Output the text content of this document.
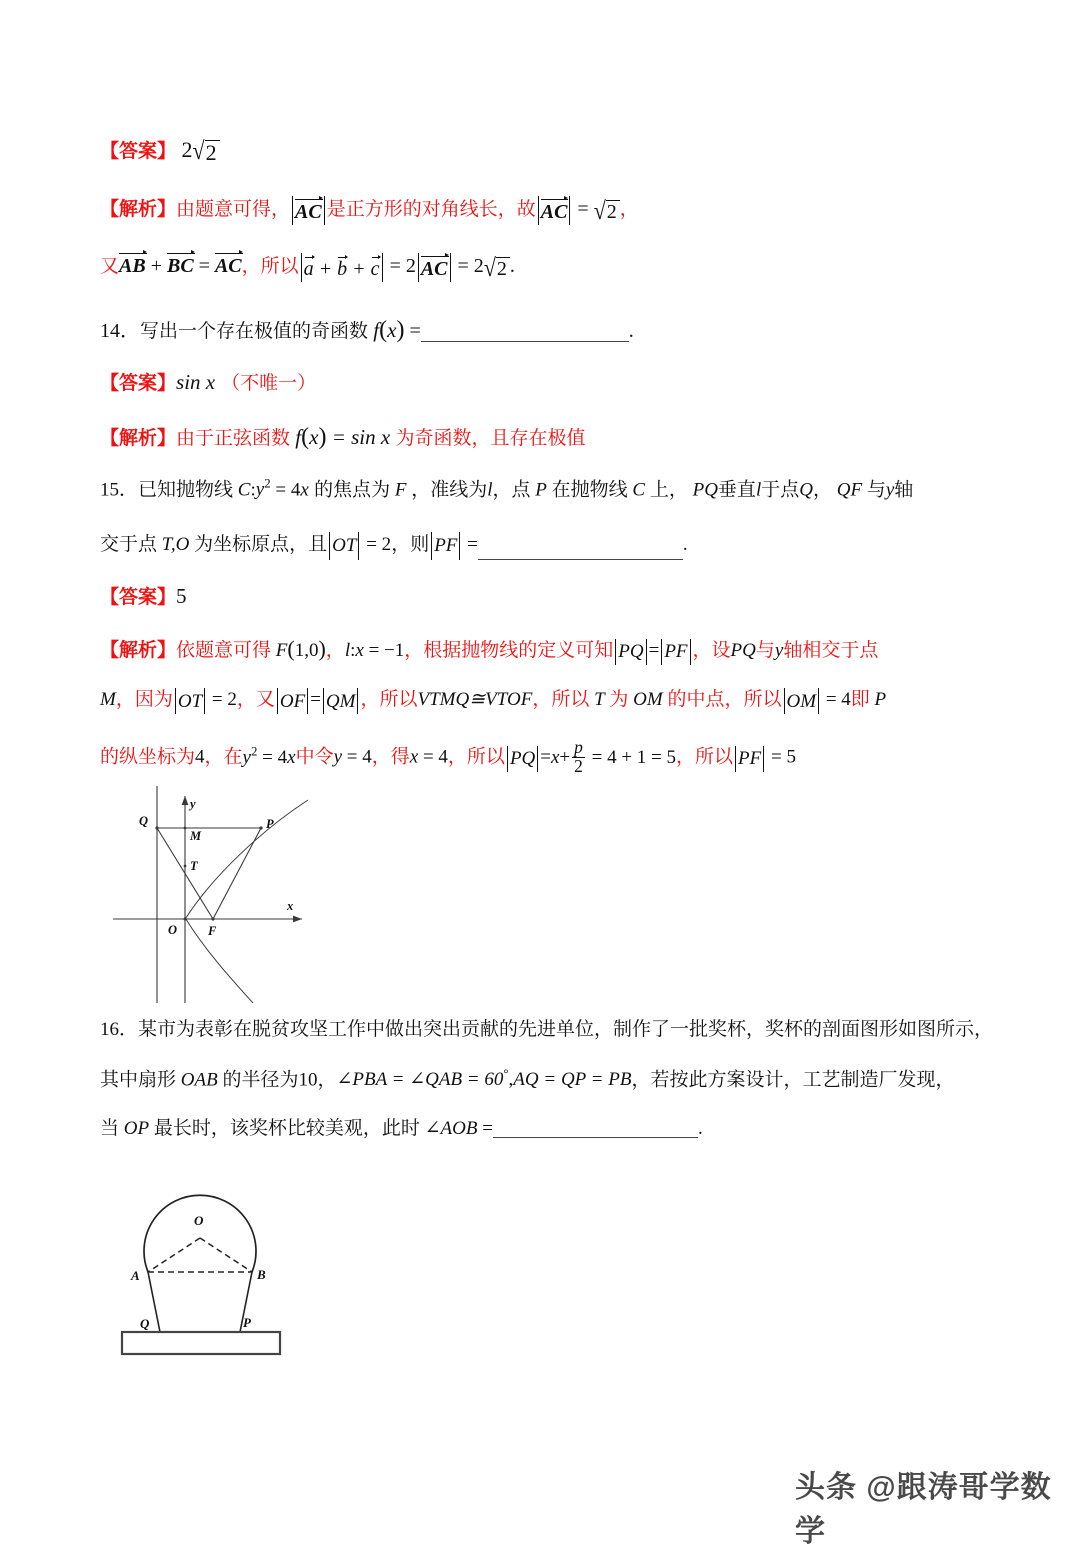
【答案】 2 √ 2
【解析】由题意可得， AC 是正方形的对角线长，故 AC = √ 2 ，
又AB + BC = AC，所以 a + b + c = 2 AC = 2 √ 2 .
14．写出一个存在极值的奇函数 f(x) =	.
【答案】sin x （不唯一）
【解析】由于正弦函数 f(x) = sin x 为奇函数，且存在极值
15．已知抛物线 $C:y^2 = 4x$ 的焦点为 F ，准线为l，点 P 在抛物线 C 上， PQ垂直l于点Q， QF 与y轴
交于点 T,O 为坐标原点，且 OT = 2，则 PF =	.
【答案】5
【解析】依题意可得 F(1,0)，l:x = −1，根据抛物线的定义可知 PQ = PF ，设PQ与y轴相交于点
M，因为 OT = 2，又 OF = QM ，所以VTMQ≅VTOF，所以 T 为 OM 的中点，所以 OM = 4即 P
的纵坐标为4，在$y^2 = 4x$中令y = 4，得x = 4，所以 PQ $=x+ \frac{p}{2} = 4 + 1 = 5$，所以 PF = 5
Q	P
M
T
O F
x
y
16．某市为表彰在脱贫攻坚工作中做出突出贡献的先进单位，制作了一批奖杯，奖杯的剖面图形如图所示，
其中扇形 OAB 的半径为10，∠PBA = ∠QAB = 60°,AQ = QP = PB，若按此方案设计，工艺制造厂发现，
当 OP 最长时，该奖杯比较美观，此时 ∠AOB =	.
O
A	B
Q	P
头条 @跟涛哥学数学
